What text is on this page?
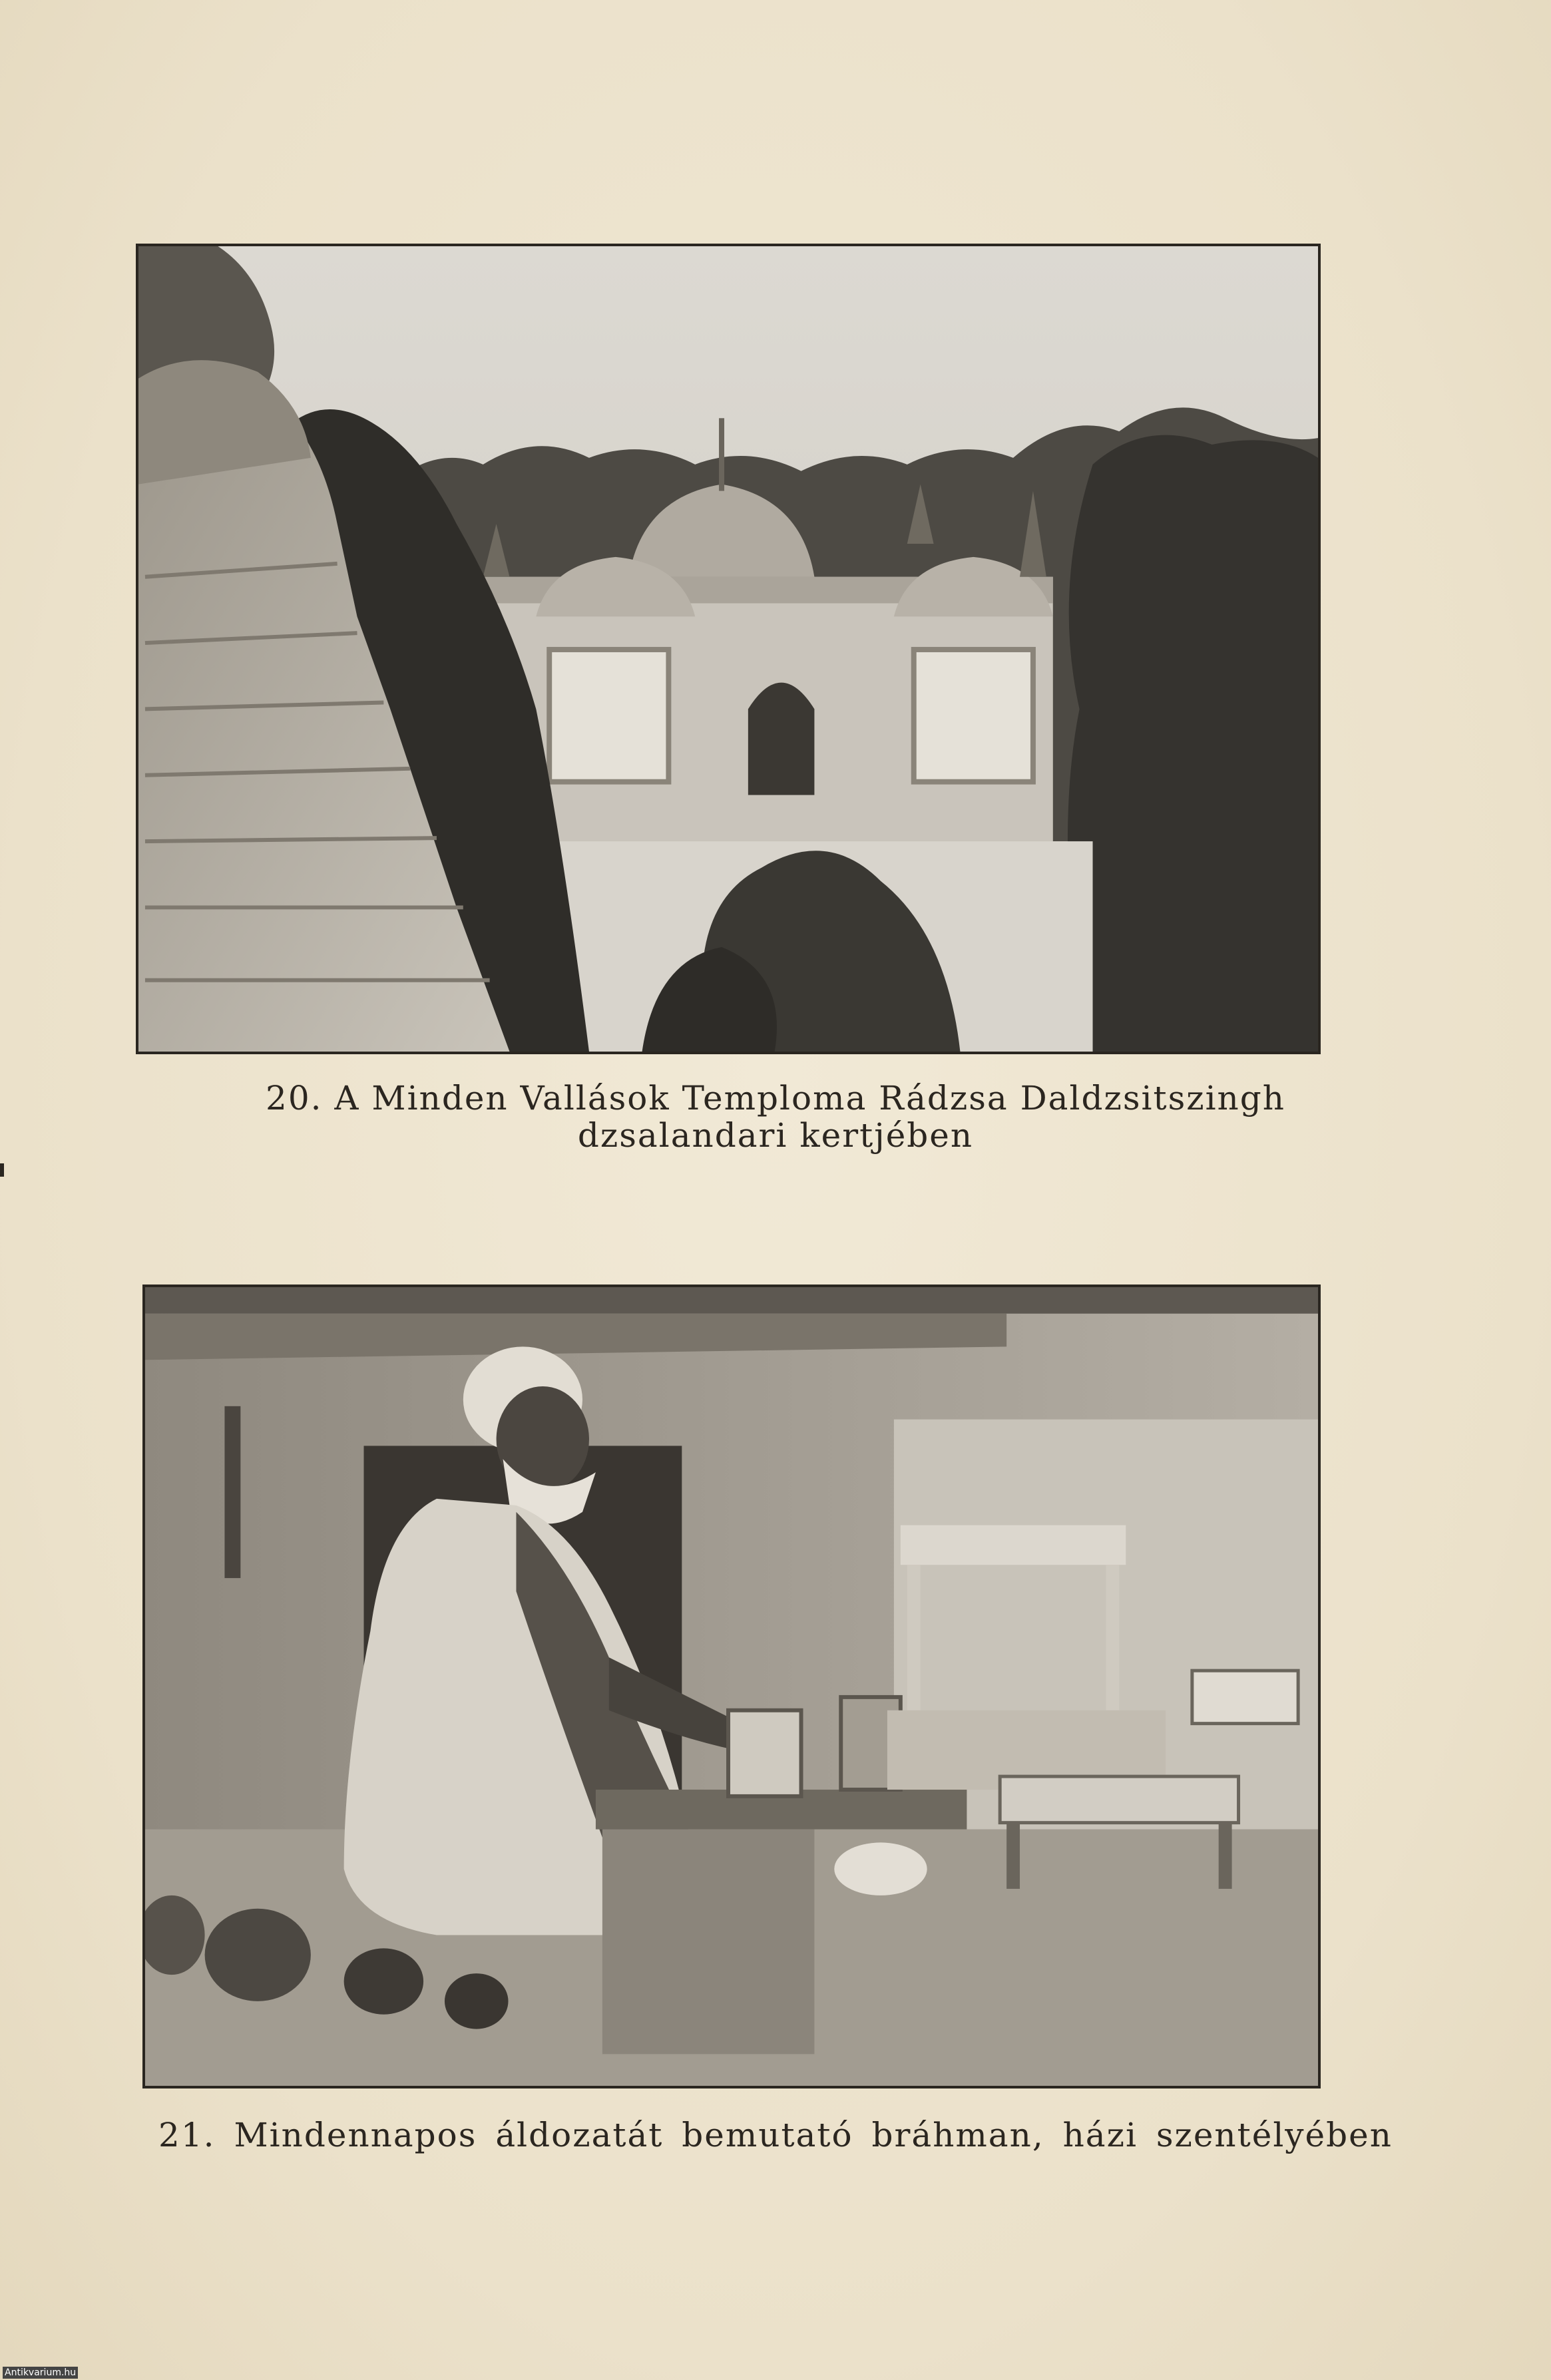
20. A Minden Vallások Temploma Rádzsa Daldzsitszingh
dzsalandari kertjében
21. Mindennapos áldozatát bemutató bráhman, házi szentélyében
Antikvarium.hu
